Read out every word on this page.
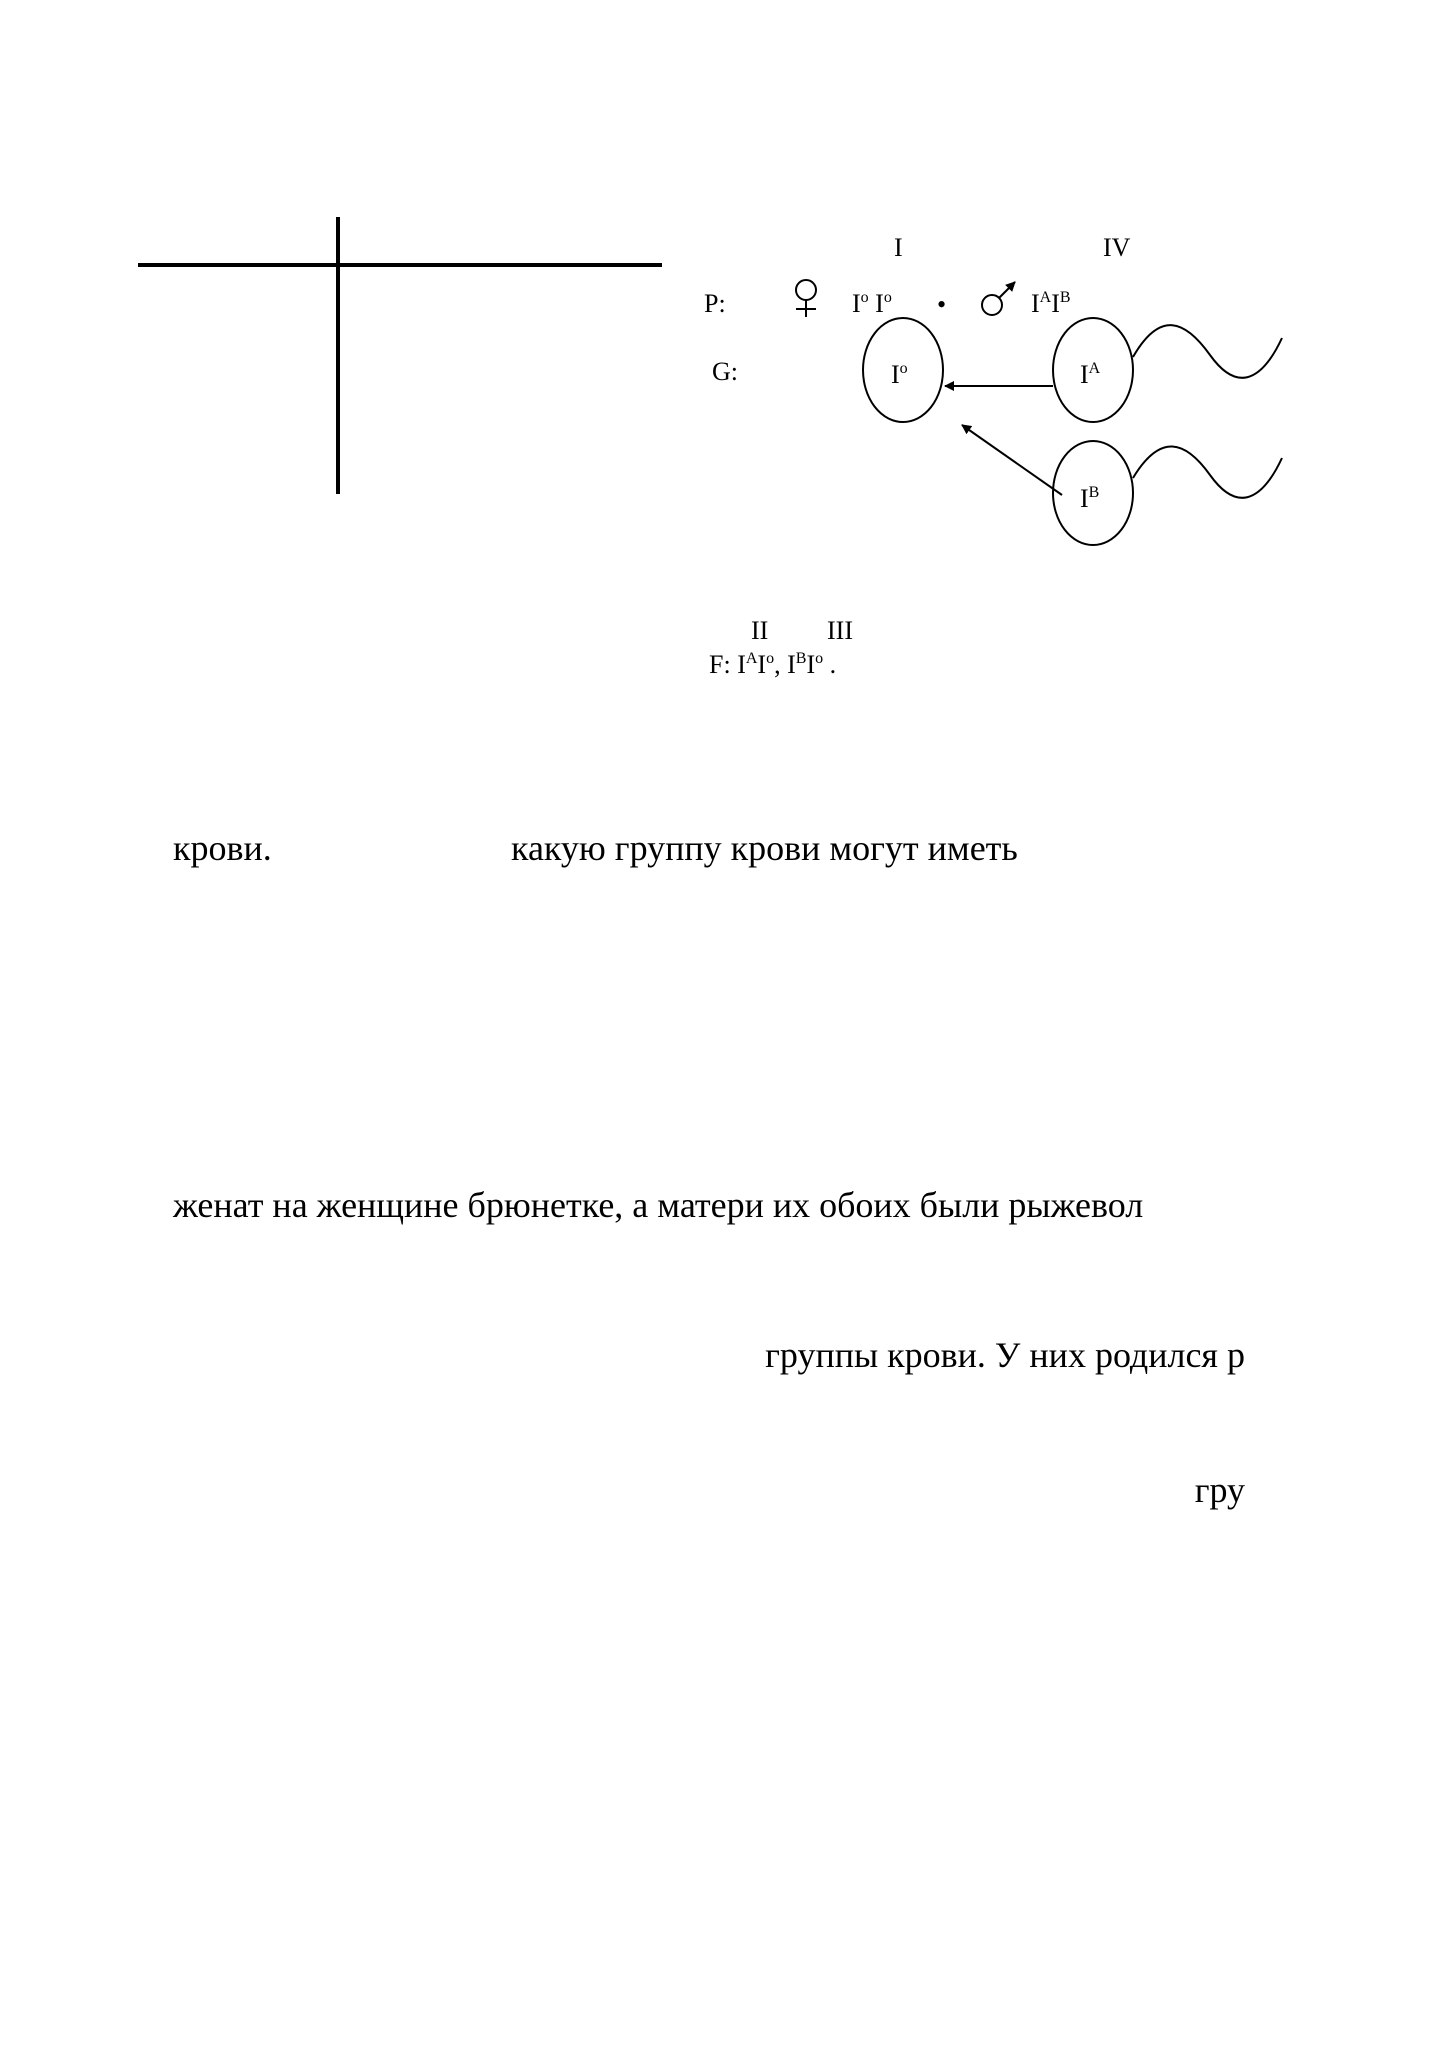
P:
G:
I	IV
$I^o$ $I^o$ •	$I^AI^B$
$I^o$	$I^A$
$I^B$
II III
F: $I^AI^o$, $I^BI^o$ .
крови.	какую группу крови могут иметь
женат на женщине брюнетке, а матери их обоих были рыжевол
группы крови. У них родился р
гру
